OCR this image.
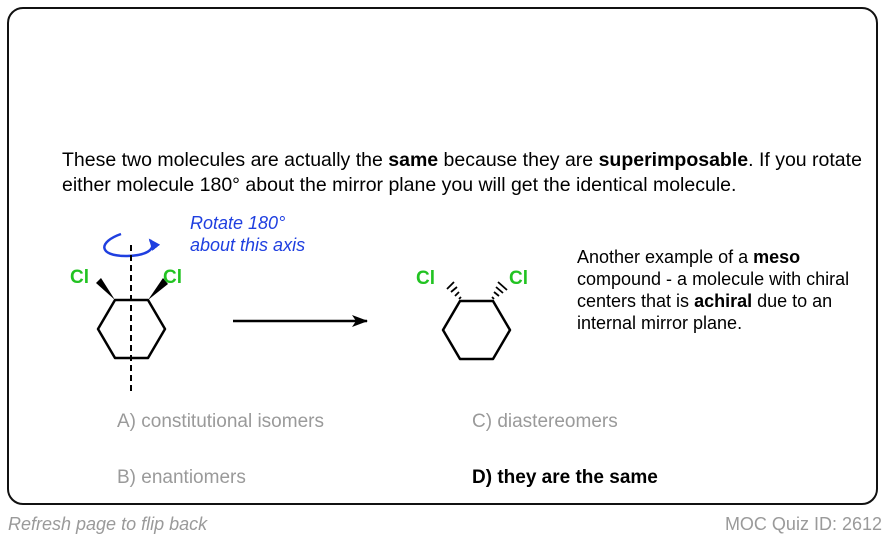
These two molecules are actually the same because they are superimposable. If you rotate either molecule 180° about the mirror plane you will get the identical molecule.

Rotate 180°
about this axis
Cl	Cl	Cl	Cl
Another example of a meso compound - a molecule with chiral centers that is achiral due to an internal mirror plane.
A) constitutional isomers	C) diastereomers
B) enantiomers	D) they are the same
Refresh page to flip back	MOC Quiz ID: 2612
